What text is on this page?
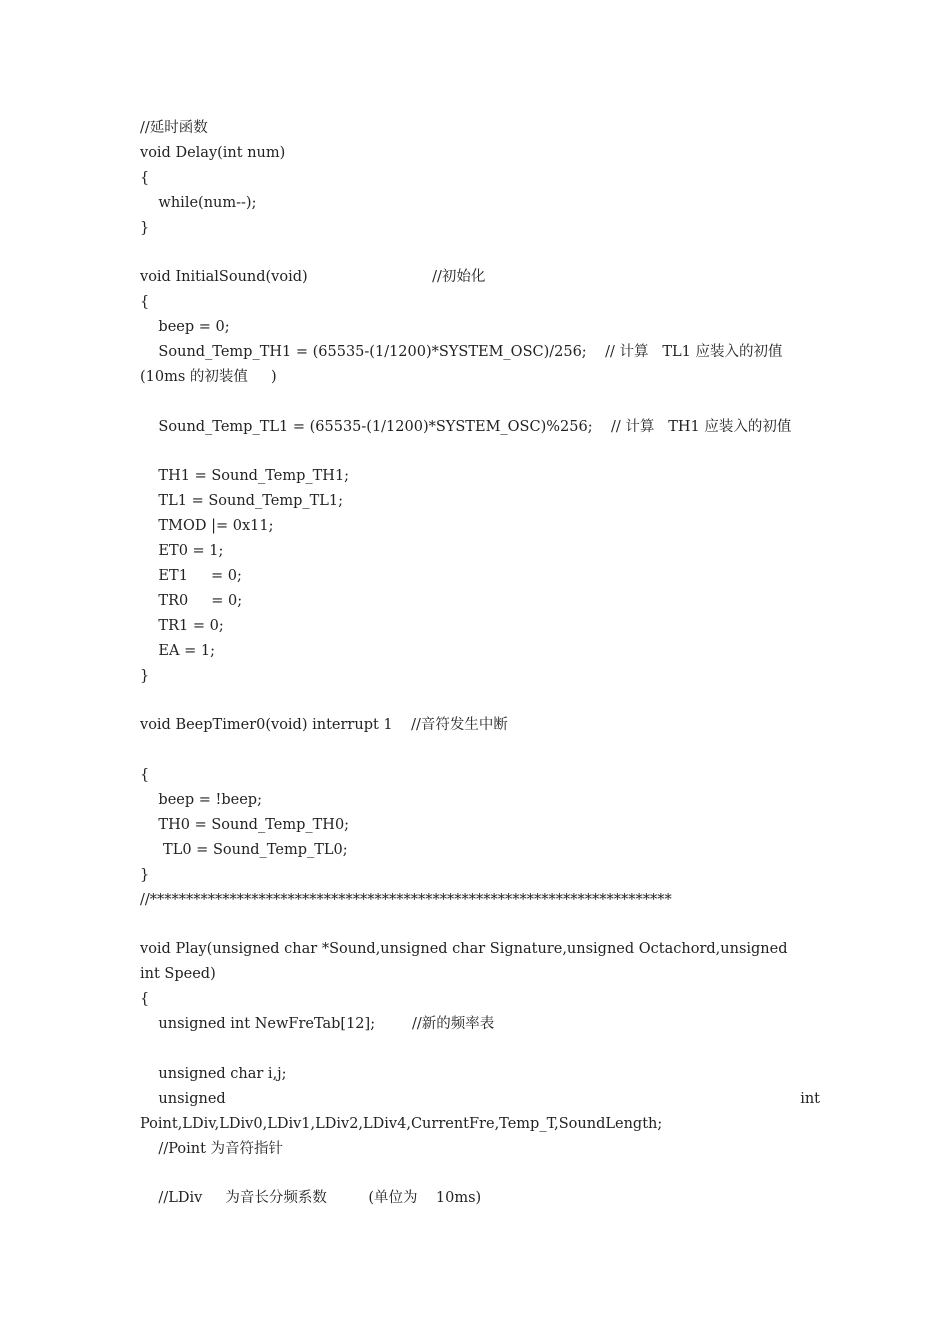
//延时函数
void Delay(int num)
{
while(num--);
}
void InitialSound(void)                           //初始化
{
beep = 0;
Sound_Temp_TH1 = (65535-(1/1200)*SYSTEM_OSC)/256;    // 计算   TL1 应装入的初值
(10ms 的初装值     )
Sound_Temp_TL1 = (65535-(1/1200)*SYSTEM_OSC)%256;    // 计算   TH1 应装入的初值
TH1 = Sound_Temp_TH1;
TL1 = Sound_Temp_TL1;
TMOD |= 0x11;
ET0 = 1;
ET1     = 0;
TR0     = 0;
TR1 = 0;
EA = 1;
}
void BeepTimer0(void) interrupt 1    //音符发生中断
{
beep = !beep;
TH0 = Sound_Temp_TH0;
TL0 = Sound_Temp_TL0;
}
//************************************************************************
void Play(unsigned char *Sound,unsigned char Signature,unsigned Octachord,unsigned
int Speed)
{
unsigned int NewFreTab[12];        //新的频率表
unsigned char i,j;
unsigned	int
Point,LDiv,LDiv0,LDiv1,LDiv2,LDiv4,CurrentFre,Temp_T,SoundLength;
//Point 为音符指针
//LDiv     为音长分频系数         (单位为    10ms)
